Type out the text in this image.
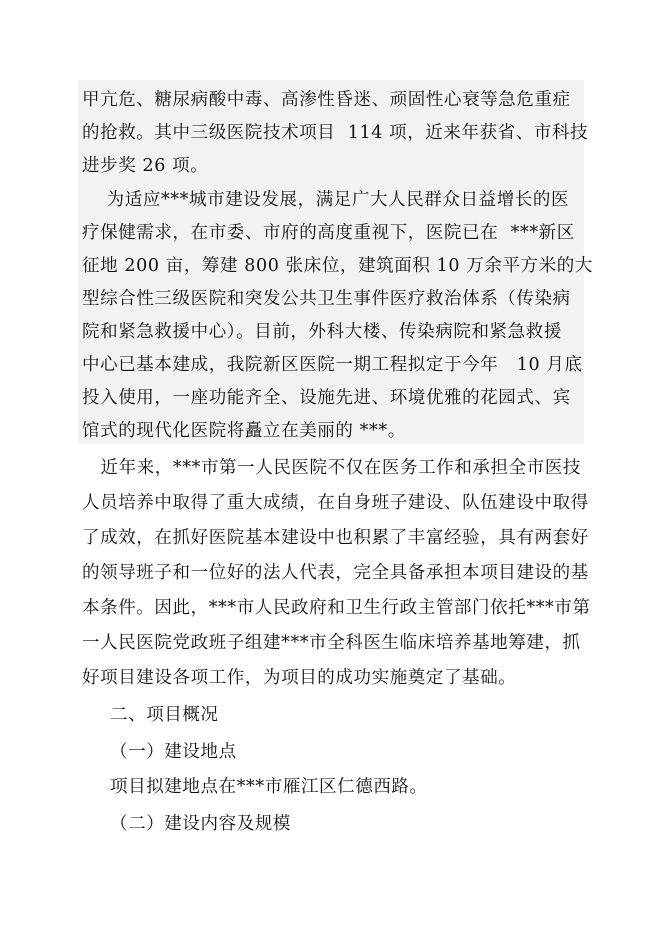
甲亢危、糖尿病酸中毒、高渗性昏迷、顽固性心衰等急危重症
的抢救。其中三级医院技术项目  114 项，近来年获省、市科技
进步奖 26 项。
为适应***城市建设发展，满足广大人民群众日益增长的医
疗保健需求，在市委、市府的高度重视下，医院已在  ***新区
征地 200 亩，筹建 800 张床位，建筑面积 10 万余平方米的大
型综合性三级医院和突发公共卫生事件医疗救治体系（传染病
院和紧急救援中心）。目前，外科大楼、传染病院和紧急救援
中心已基本建成，我院新区医院一期工程拟定于今年   10 月底
投入使用，一座功能齐全、设施先进、环境优雅的花园式、宾
馆式的现代化医院将矗立在美丽的 ***。
近年来，***市第一人民医院不仅在医务工作和承担全市医技
人员培养中取得了重大成绩，在自身班子建设、队伍建设中取得
了成效，在抓好医院基本建设中也积累了丰富经验，具有两套好
的领导班子和一位好的法人代表，完全具备承担本项目建设的基
本条件。因此，***市人民政府和卫生行政主管部门依托***市第
一人民医院党政班子组建***市全科医生临床培养基地筹建，抓
好项目建设各项工作，为项目的成功实施奠定了基础。
二、项目概况
（一）建设地点
项目拟建地点在***市雁江区仁德西路。
（二）建设内容及规模
